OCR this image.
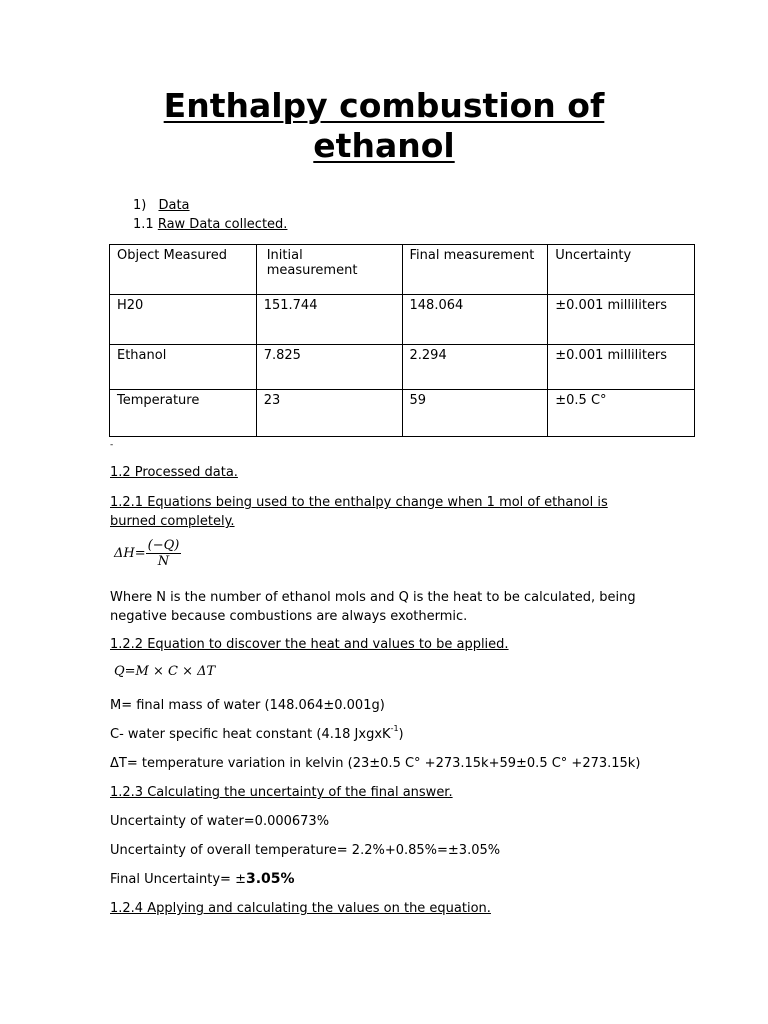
Enthalpy combustion of
ethanol
1) Data
1.1 Raw Data collected.
Object Measured	Initial measurement	Final measurement	Uncertainty
H20	151.744	148.064	±0.001 milliliters
Ethanol	7.825	2.294	±0.001 milliliters
Temperature	23	59	±0.5 C°
-
1.2 Processed data.
1.2.1 Equations being used to the enthalpy change when 1 mol of ethanol is burned completely.
$\Delta H= \frac{(-Q)}{N}$
Where N is the number of ethanol mols and Q is the heat to be calculated, being negative because combustions are always exothermic.
1.2.2 Equation to discover the heat and values to be applied.
Q=M × C × ΔT
M= final mass of water (148.064±0.001g)
C- water specific heat constant (4.18 JxgxK$^{-1}$)
ΔT= temperature variation in kelvin (23±0.5 C° +273.15k+59±0.5 C° +273.15k)
1.2.3 Calculating the uncertainty of the final answer.
Uncertainty of water=0.000673%
Uncertainty of overall temperature= 2.2%+0.85%=±3.05%
Final Uncertainty= ±3.05%
1.2.4 Applying and calculating the values on the equation.
